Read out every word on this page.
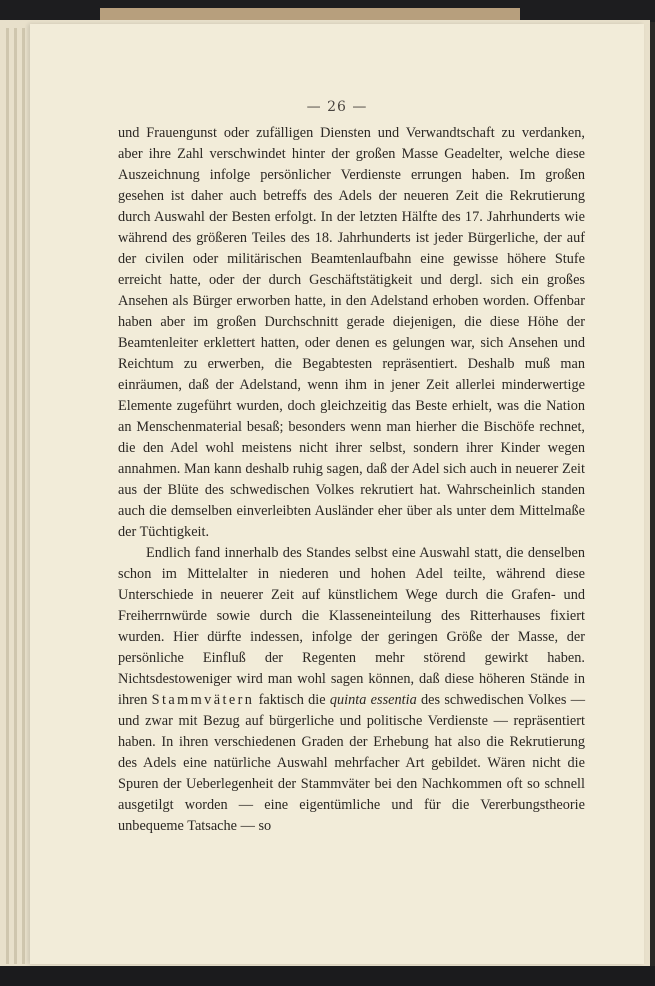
— 26 —

und Frauengunst oder zufälligen Diensten und Verwandtschaft zu verdanken, aber ihre Zahl verschwindet hinter der großen Masse Geadelter, welche diese Auszeichnung infolge persönlicher Verdienste errungen haben. Im großen gesehen ist daher auch betreffs des Adels der neueren Zeit die Rekrutierung durch Auswahl der Besten erfolgt. In der letzten Hälfte des 17. Jahrhunderts wie während des größeren Teiles des 18. Jahrhunderts ist jeder Bürgerliche, der auf der civilen oder militärischen Beamtenlaufbahn eine gewisse höhere Stufe erreicht hatte, oder der durch Geschäftstätigkeit und dergl. sich ein großes Ansehen als Bürger erworben hatte, in den Adelstand erhoben worden. Offenbar haben aber im großen Durchschnitt gerade diejenigen, die diese Höhe der Beamtenleiter erklettert hatten, oder denen es gelungen war, sich Ansehen und Reichtum zu erwerben, die Begabtesten repräsentiert. Deshalb muß man einräumen, daß der Adelstand, wenn ihm in jener Zeit allerlei minderwertige Elemente zugeführt wurden, doch gleichzeitig das Beste erhielt, was die Nation an Menschenmaterial besaß; besonders wenn man hierher die Bischöfe rechnet, die den Adel wohl meistens nicht ihrer selbst, sondern ihrer Kinder wegen annahmen. Man kann deshalb ruhig sagen, daß der Adel sich auch in neuerer Zeit aus der Blüte des schwedischen Volkes rekrutiert hat. Wahrscheinlich standen auch die demselben einverleibten Ausländer eher über als unter dem Mittelmaße der Tüchtigkeit.

Endlich fand innerhalb des Standes selbst eine Auswahl statt, die denselben schon im Mittelalter in niederen und hohen Adel teilte, während diese Unterschiede in neuerer Zeit auf künstlichem Wege durch die Grafen- und Freiherrnwürde sowie durch die Klasseneinteilung des Ritterhauses fixiert wurden. Hier dürfte indessen, infolge der geringen Größe der Masse, der persönliche Einfluß der Regenten mehr störend gewirkt haben. Nichtsdestoweniger wird man wohl sagen können, daß diese höheren Stände in ihren Stammvätern faktisch die quinta essentia des schwedischen Volkes — und zwar mit Bezug auf bürgerliche und politische Verdienste — repräsentiert haben. In ihren verschiedenen Graden der Erhebung hat also die Rekrutierung des Adels eine natürliche Auswahl mehrfacher Art gebildet. Wären nicht die Spuren der Ueberlegenheit der Stammväter bei den Nachkommen oft so schnell ausgetilgt worden — eine eigentümliche und für die Vererbungstheorie unbequeme Tatsache — so
